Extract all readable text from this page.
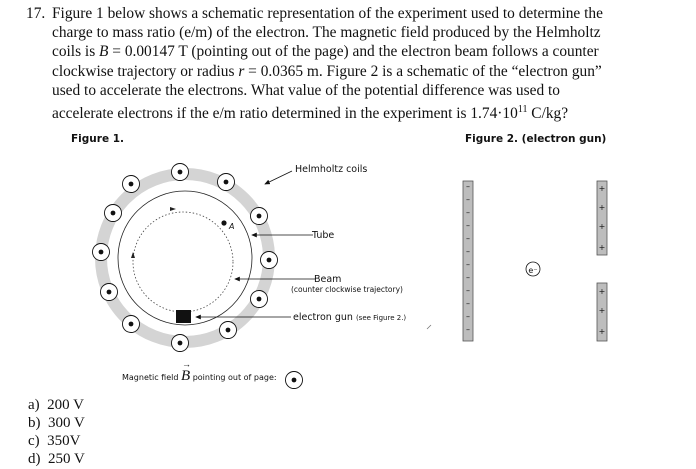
17. Figure 1 below shows a schematic representation of the experiment used to determine the
charge to mass ratio (e/m) of the electron. The magnetic field produced by the Helmholtz
coils is B = 0.00147 T (pointing out of the page) and the electron beam follows a counter
clockwise trajectory or radius r = 0.0365 m. Figure 2 is a schematic of the “electron gun”
used to accelerate the electrons. What value of the potential difference was used to
accelerate electrons if the e/m ratio determined in the experiment is $1.74\cdot 10^{11}$ C/kg?
Figure 1.	Figure 2. (electron gun)
A
–
–
–
–
–
–
–
–
–
–
–
–
+
+
+
+
+
+
+
e⁻
Helmholtz coils
Tube
Beam
(counter clockwise trajectory)
electron gun (see Figure 2.)
Magnetic field B
→
pointing out of page:
a) 200 V
b) 300 V
c) 350V
d) 250 V
